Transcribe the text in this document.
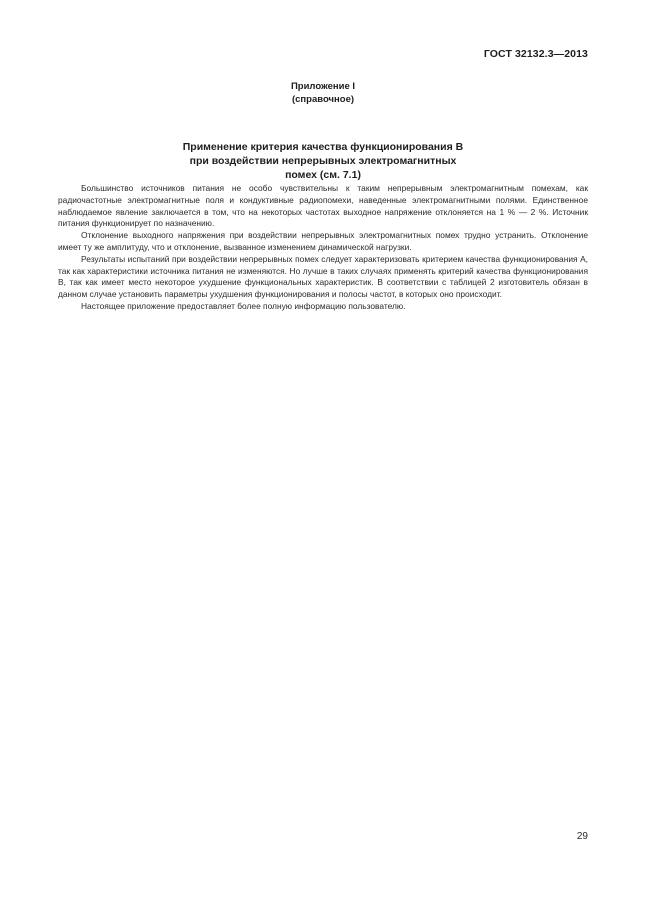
ГОСТ 32132.3—2013
Приложение I
(справочное)
Применение критерия качества функционирования В
при воздействии непрерывных электромагнитных
помех (см. 7.1)

Большинство источников питания не особо чувствительны к таким непрерывным электромагнитным помехам, как радиочастотные электромагнитные поля и кондуктивные радиопомехи, наведенные электромагнитными полями. Единственное наблюдаемое явление заключается в том, что на некоторых частотах выходное напряжение отклоняется на 1 % — 2 %. Источник питания функционирует по назначению.

Отклонение выходного напряжения при воздействии непрерывных электромагнитных помех трудно устранить. Отклонение имеет ту же амплитуду, что и отклонение, вызванное изменением динамической нагрузки.

Результаты испытаний при воздействии непрерывных помех следует характеризовать критерием качества функционирования А, так как характеристики источника питания не изменяются. Но лучше в таких случаях применять критерий качества функционирования В, так как имеет место некоторое ухудшение функциональных характеристик. В соответствии с таблицей 2 изготовитель обязан в данном случае установить параметры ухудшения функционирования и полосы частот, в которых оно происходит.

Настоящее приложение предоставляет более полную информацию пользователю.

29
